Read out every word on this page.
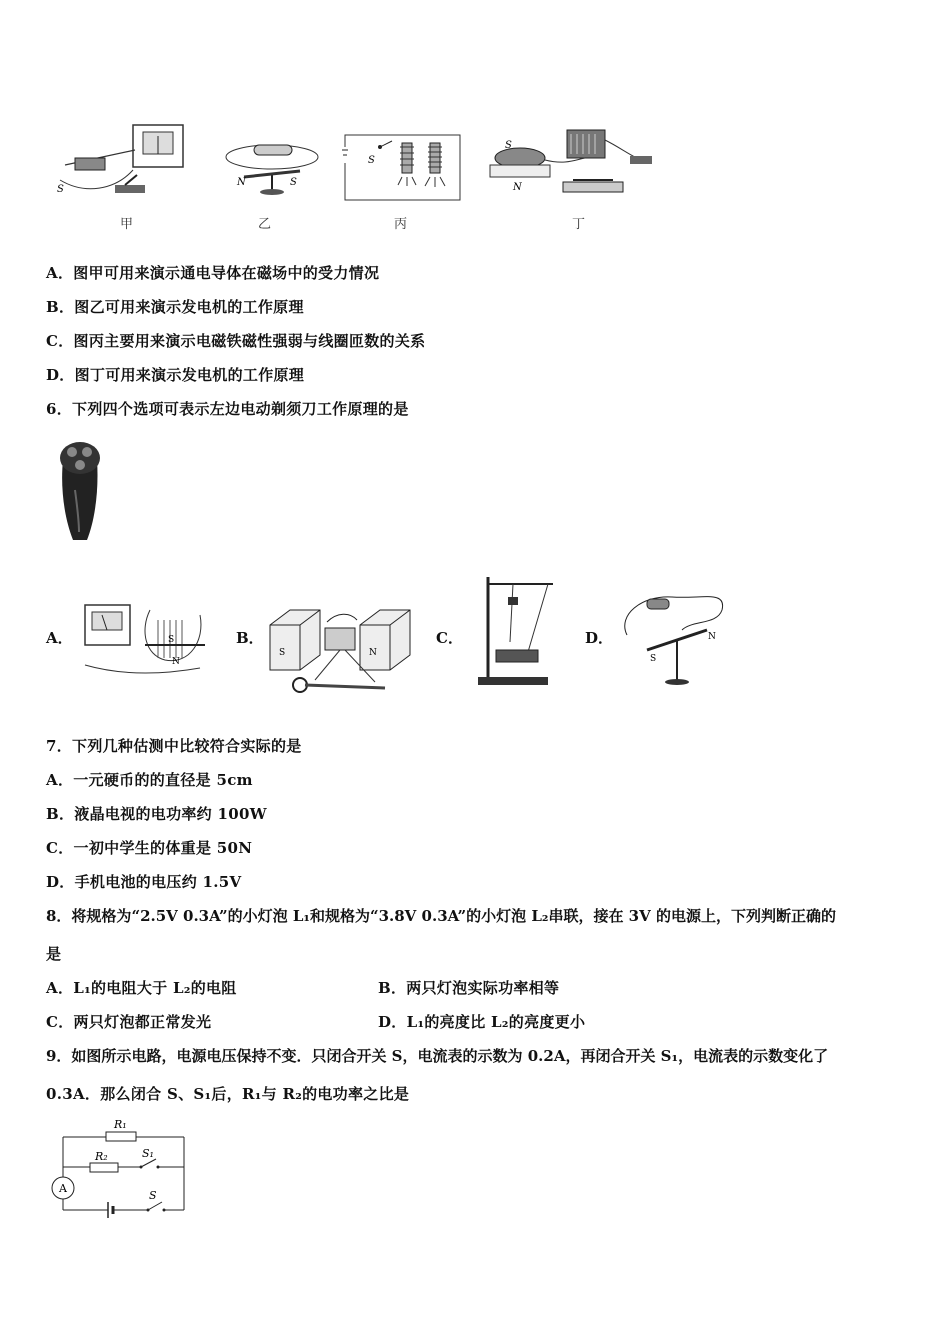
S
甲
N	S
乙
S
丙
S
N
丁
A．图甲可用来演示通电导体在磁场中的受力情况
B．图乙可用来演示发电机的工作原理
C．图丙主要用来演示电磁铁磁性强弱与线圈匝数的关系
D．图丁可用来演示发电机的工作原理
6．下列四个选项可表示左边电动剃须刀工作原理的是
A．	S
N
B．
S	N
C．	D．
S
N
7．下列几种估测中比较符合实际的是
A．一元硬币的的直径是 5cm
B．液晶电视的电功率约 100W
C．一初中学生的体重是 50N
D．手机电池的电压约 1.5V
8．将规格为“2.5V 0.3A”的小灯泡 L₁和规格为“3.8V 0.3A”的小灯泡 L₂串联，接在 3V 的电源上，下列判断正确的
是
A．L₁的电阻大于 L₂的电阻	B．两只灯泡实际功率相等
C．两只灯泡都正常发光	D．L₁的亮度比 L₂的亮度更小
9．如图所示电路，电源电压保持不变．只闭合开关 S，电流表的示数为 0.2A，再闭合开关 S₁，电流表的示数变化了
0.3A．那么闭合 S、S₁后，R₁与 R₂的电功率之比是
R₁
R₂	S₁
A
S
